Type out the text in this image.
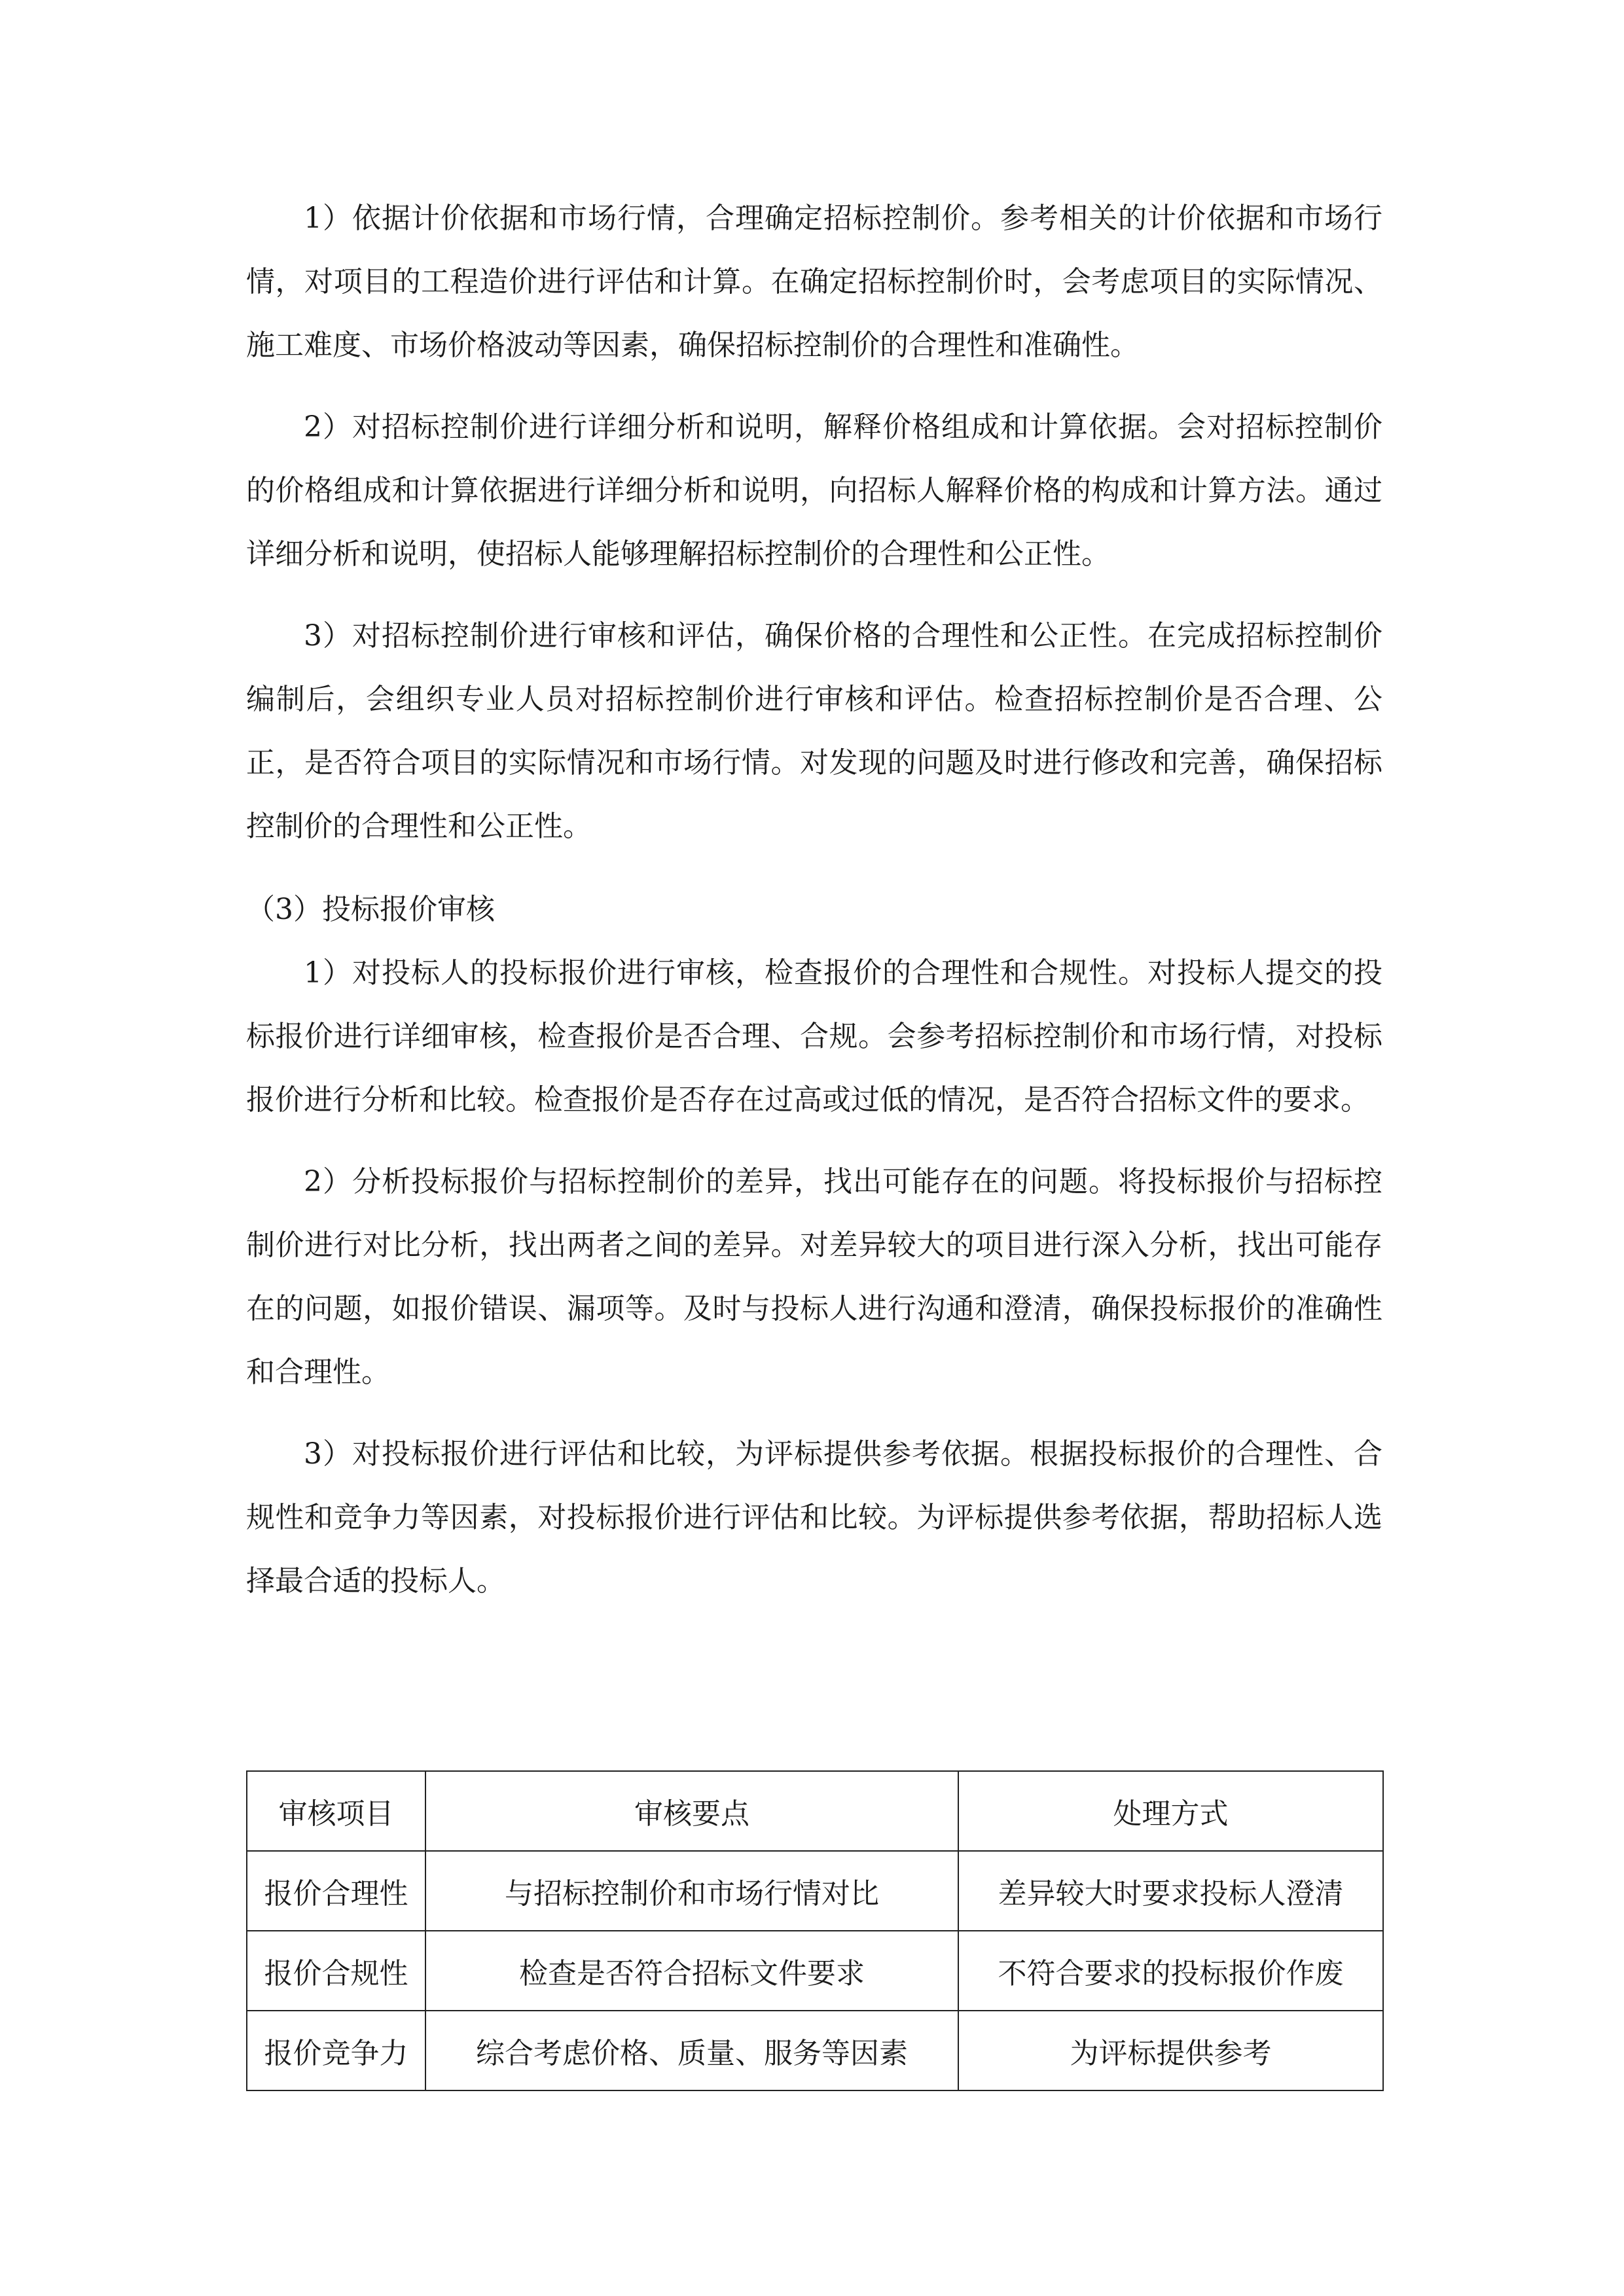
1）依据计价依据和市场行情，合理确定招标控制价。参考相关的计价依据和市场行情，对项目的工程造价进行评估和计算。在确定招标控制价时，会考虑项目的实际情况、施工难度、市场价格波动等因素，确保招标控制价的合理性和准确性。

2）对招标控制价进行详细分析和说明，解释价格组成和计算依据。会对招标控制价的价格组成和计算依据进行详细分析和说明，向招标人解释价格的构成和计算方法。通过详细分析和说明，使招标人能够理解招标控制价的合理性和公正性。

3）对招标控制价进行审核和评估，确保价格的合理性和公正性。在完成招标控制价编制后，会组织专业人员对招标控制价进行审核和评估。检查招标控制价是否合理、公正，是否符合项目的实际情况和市场行情。对发现的问题及时进行修改和完善，确保招标控制价的合理性和公正性。

（3）投标报价审核

1）对投标人的投标报价进行审核，检查报价的合理性和合规性。对投标人提交的投标报价进行详细审核，检查报价是否合理、合规。会参考招标控制价和市场行情，对投标报价进行分析和比较。检查报价是否存在过高或过低的情况，是否符合招标文件的要求。

2）分析投标报价与招标控制价的差异，找出可能存在的问题。将投标报价与招标控制价进行对比分析，找出两者之间的差异。对差异较大的项目进行深入分析，找出可能存在的问题，如报价错误、漏项等。及时与投标人进行沟通和澄清，确保投标报价的准确性和合理性。

3）对投标报价进行评估和比较，为评标提供参考依据。根据投标报价的合理性、合规性和竞争力等因素，对投标报价进行评估和比较。为评标提供参考依据，帮助招标人选择最合适的投标人。

审核项目	审核要点	处理方式
报价合理性	与招标控制价和市场行情对比	差异较大时要求投标人澄清
报价合规性	检查是否符合招标文件要求	不符合要求的投标报价作废
报价竞争力	综合考虑价格、质量、服务等因素	为评标提供参考
